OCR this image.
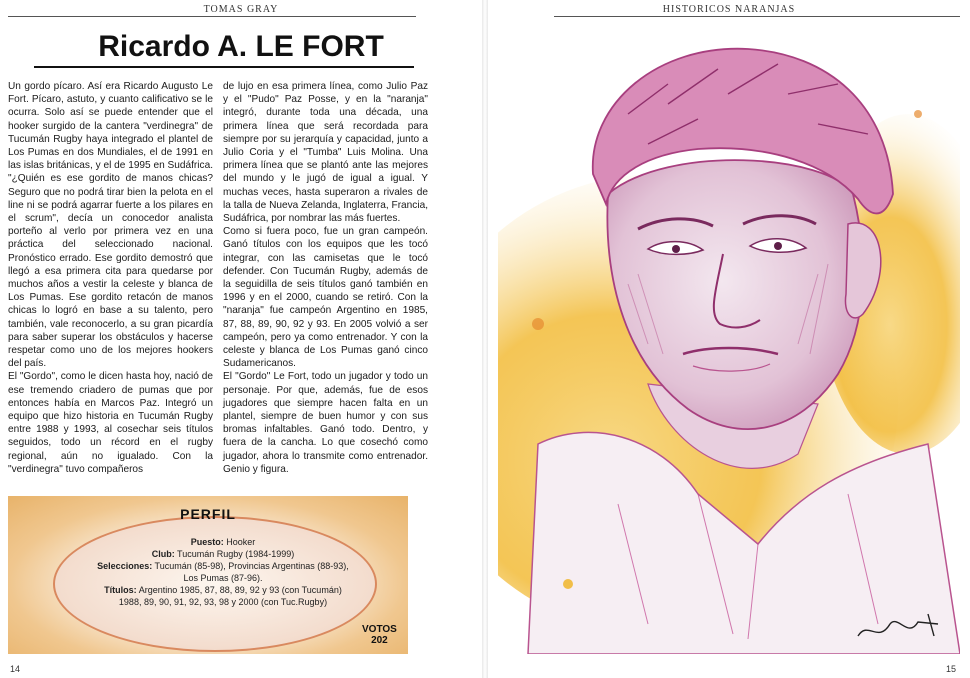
TOMAS GRAY
Ricardo A. LE FORT

Un gordo pícaro. Así era Ricardo Augusto Le Fort. Pícaro, astuto, y cuanto calificativo se le ocurra. Solo así se puede entender que el hooker surgido de la cantera "verdinegra" de Tucumán Rugby haya integrado el plantel de Los Pumas en dos Mundiales, el de 1991 en las islas británicas, y el de 1995 en Sudáfrica. "¿Quién es ese gordito de manos chicas? Seguro que no podrá tirar bien la pelota en el line ni se podrá agarrar fuerte a los pilares en el scrum", decía un conocedor analista porteño al verlo por primera vez en una práctica del seleccionado nacional. Pronóstico errado. Ese gordito demostró que llegó a esa primera cita para quedarse por muchos años a vestir la celeste y blanca de Los Pumas. Ese gordito retacón de manos chicas lo logró en base a su talento, pero también, vale reconocerlo, a su gran picardía para saber superar los obstáculos y hacerse respetar como uno de los mejores hookers del país.

El "Gordo", como le dicen hasta hoy, nació de ese tremendo criadero de pumas que por entonces había en Marcos Paz. Integró un equipo que hizo historia en Tucumán Rugby entre 1988 y 1993, al cosechar seis títulos seguidos, todo un récord en el rugby regional, aún no igualado. Con la "verdinegra" tuvo compañeros

de lujo en esa primera línea, como Julio Paz y el "Pudo" Paz Posse, y en la "naranja" integró, durante toda una década, una primera línea que será recordada para siempre por su jerarquía y capacidad, junto a Julio Coria y el "Tumba" Luis Molina. Una primera línea que se plantó ante las mejores del mundo y le jugó de igual a igual. Y muchas veces, hasta superaron a rivales de la talla de Nueva Zelanda, Inglaterra, Francia, Sudáfrica, por nombrar las más fuertes.

Como si fuera poco, fue un gran campeón. Ganó títulos con los equipos que les tocó integrar, con las camisetas que le tocó defender. Con Tucumán Rugby, además de la seguidilla de seis títulos ganó también en 1996 y en el 2000, cuando se retiró. Con la "naranja" fue campeón Argentino en 1985, 87, 88, 89, 90, 92 y 93. En 2005 volvió a ser campeón, pero ya como entrenador. Y con la celeste y blanca de Los Pumas ganó cinco Sudamericanos.

El "Gordo" Le Fort, todo un jugador y todo un personaje. Por que, además, fue de esos jugadores que siempre hacen falta en un plantel, siempre de buen humor y con sus bromas infaltables. Ganó todo. Dentro, y fuera de la cancha. Lo que cosechó como jugador, ahora lo transmite como entrenador. Genio y figura.

PERFIL
Puesto: Hooker
Club: Tucumán Rugby (1984-1999)
Selecciones: Tucumán (85-98), Provincias Argentinas (88-93),
Los Pumas (87-96).
Títulos: Argentino 1985, 87, 88, 89, 92 y 93 (con Tucumán)
1988, 89, 90, 91, 92, 93, 98 y 2000 (con Tuc.Rugby)
VOTOS
202
14
HISTORICOS NARANJAS
15
